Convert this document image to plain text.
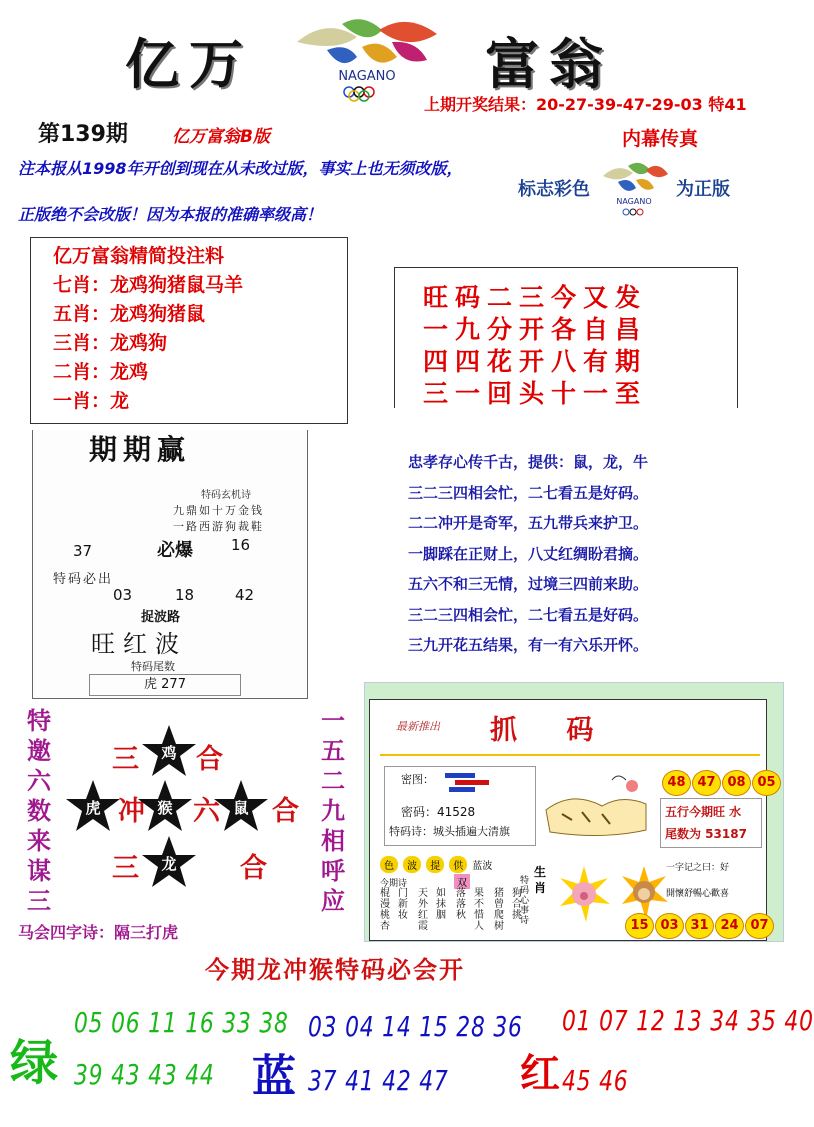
亿万	富翁
NAGANO
上期开奖结果：20-27-39-47-29-03 特41
第139期	亿万富翁B版	内幕传真
标志彩色
NAGANO
为正版
注本报从1998年开创到现在从未改过版，事实上也无须改版，
正版绝不会改版！因为本报的准确率级高！
亿万富翁精简投注料
七肖：龙鸡狗猪鼠马羊
五肖：龙鸡狗猪鼠
三肖：龙鸡狗
二肖：龙鸡
一肖：龙
旺码二三今又发
一九分开各自昌
四四花开八有期
三一回头十一至
期期赢
特码玄机诗
九鼎如十万金钱
一路西游狗裁鞋
37	必爆	16
特码必出
03	18	42
捉波路
旺红波
特码尾数
虎 277
忠孝存心传千古，提供：鼠，龙，牛
三二三四相会忙，二七看五是好码。
二二冲开是奇军，五九带兵来护卫。
一脚踩在正财上，八丈红绸盼君摘。
五六不和三无情，过境三四前来助。
三二三四相会忙，二七看五是好码。
三九开花五结果，有一有六乐开怀。
特
邀
六
数
来
谋
三
一
五
二
九
相
呼
应
三	鸡 合
虎 冲 猴 六 鼠 合
三	龙	合
马会四字诗：隔三打虎
最新推出 抓 码
密图：
密码：41528
特码诗：城头插遍大清旗
48 47 08 05
五行今期旺 水
尾数为 53187
色 波 提 供 蓝波
今期诗	双
棍漫桃杏
门新妆
天外红霞
如抹胭
落落秋
果不惜人
猪曾爬树
狗合挑
特码心事诗
生肖
一字记之曰：好
開懷舒暢心歡喜
15 03 31 24 07
今期龙冲猴特码必会开
绿
05 06 11 16 33 38
39 43 43 44 蓝
03 04 14 15 28 36
37 41 42 47 红
01 07 12 13 34 35 40
45 46
